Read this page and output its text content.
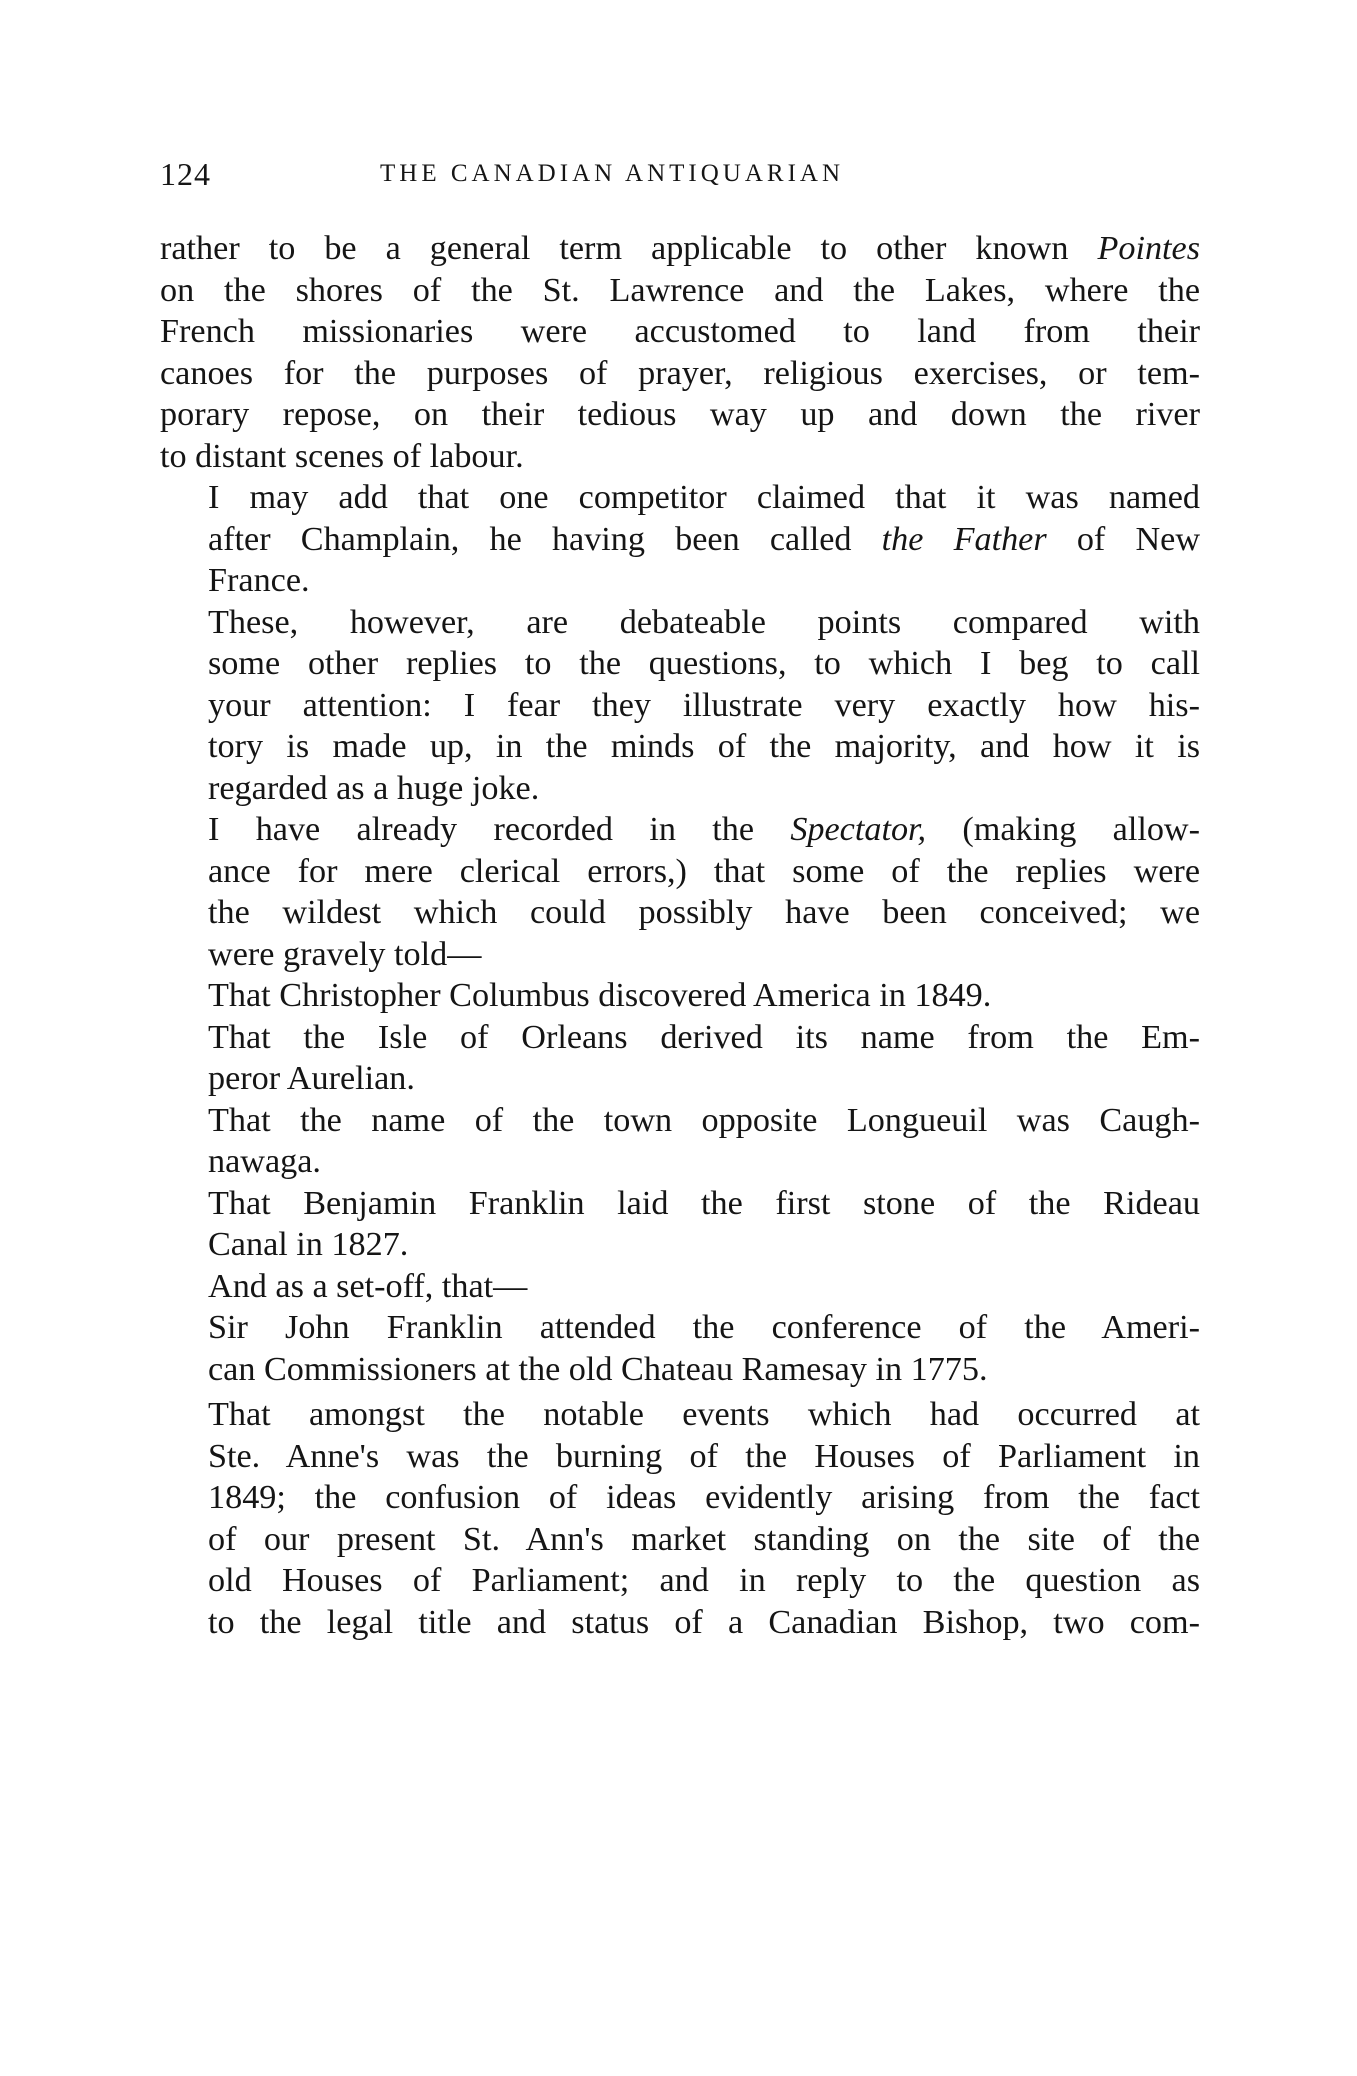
124	THE CANADIAN ANTIQUARIAN

rather to be a general term applicable to other known Pointes
on the shores of the St. Lawrence and the Lakes, where the
French missionaries were accustomed to land from their
canoes for the purposes of prayer, religious exercises, or tem-
porary repose, on their tedious way up and down the river
to distant scenes of labour.

I may add that one competitor claimed that it was named
after Champlain, he having been called the Father of New
France.

These, however, are debateable points compared with
some other replies to the questions, to which I beg to call
your attention: I fear they illustrate very exactly how his-
tory is made up, in the minds of the majority, and how it is
regarded as a huge joke.

I have already recorded in the Spectator, (making allow-
ance for mere clerical errors,) that some of the replies were
the wildest which could possibly have been conceived; we
were gravely told—

That Christopher Columbus discovered America in 1849.

That the Isle of Orleans derived its name from the Em-
peror Aurelian.

That the name of the town opposite Longueuil was Caugh-
nawaga.

That Benjamin Franklin laid the first stone of the Rideau
Canal in 1827.

And as a set-off, that—

Sir John Franklin attended the conference of the Ameri-
can Commissioners at the old Chateau Ramesay in 1775.

That amongst the notable events which had occurred at
Ste. Anne's was the burning of the Houses of Parliament in
1849; the confusion of ideas evidently arising from the fact
of our present St. Ann's market standing on the site of the
old Houses of Parliament; and in reply to the question as
to the legal title and status of a Canadian Bishop, two com-
